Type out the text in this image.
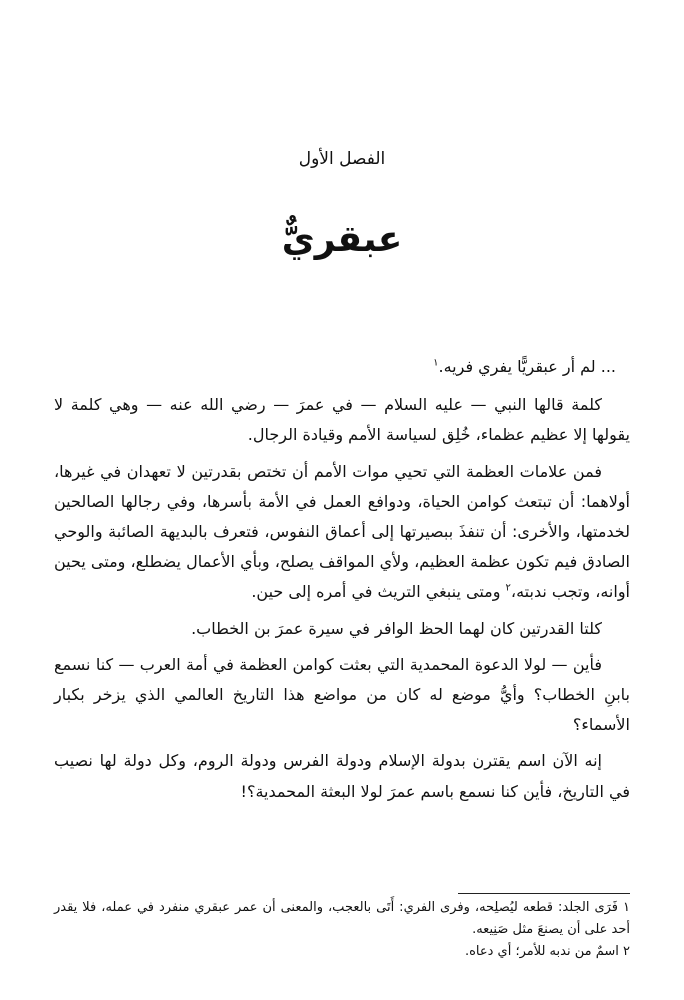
الفصل الأول
عبقريٌّ

... لم أر عبقريًّا يفري فريه.$^١$

كلمة قالها النبي — عليه السلام — في عمرَ — رضي الله عنه — وهي كلمة لا يقولها إلا عظيم عظماء، خُلِق لسياسة الأمم وقيادة الرجال.

فمن علامات العظمة التي تحيي موات الأمم أن تختص بقدرتين لا تعهدان في غيرها، أولاهما: أن تبتعث كوامن الحياة، ودوافع العمل في الأمة بأسرها، وفي رجالها الصالحين لخدمتها، والأخرى: أن تنفذَ ببصيرتها إلى أعماق النفوس، فتعرف بالبديهة الصائبة والوحي الصادق فيم تكون عظمة العظيم، ولأي المواقف يصلح، وبأي الأعمال يضطلع، ومتى يحين أوانه، وتجب ندبته،$^٢$ ومتى ينبغي التريث في أمره إلى حين.

كلتا القدرتين كان لهما الحظ الوافر في سيرة عمرَ بن الخطاب.

فأين — لولا الدعوة المحمدية التي بعثت كوامن العظمة في أمة العرب — كنا نسمع بابنِ الخطاب؟ وأيُّ موضع له كان من مواضع هذا التاريخ العالمي الذي يزخر بكبار الأسماء؟

إنه الآن اسم يقترن بدولة الإسلام ودولة الفرس ودولة الروم، وكل دولة لها نصيب في التاريخ، فأين كنا نسمع باسم عمرَ لولا البعثة المحمدية؟!

١ فَرَى الجلد: قطعه ليُصلِحه، وفرى الفري: أَتَى بالعجب، والمعنى أن عمر عبقري منفرد في عمله، فلا يقدر أحد على أن يصنعَ مثل صَنِيعه.

٢ اسمٌ من ندبه للأمر؛ أي دعاه.
